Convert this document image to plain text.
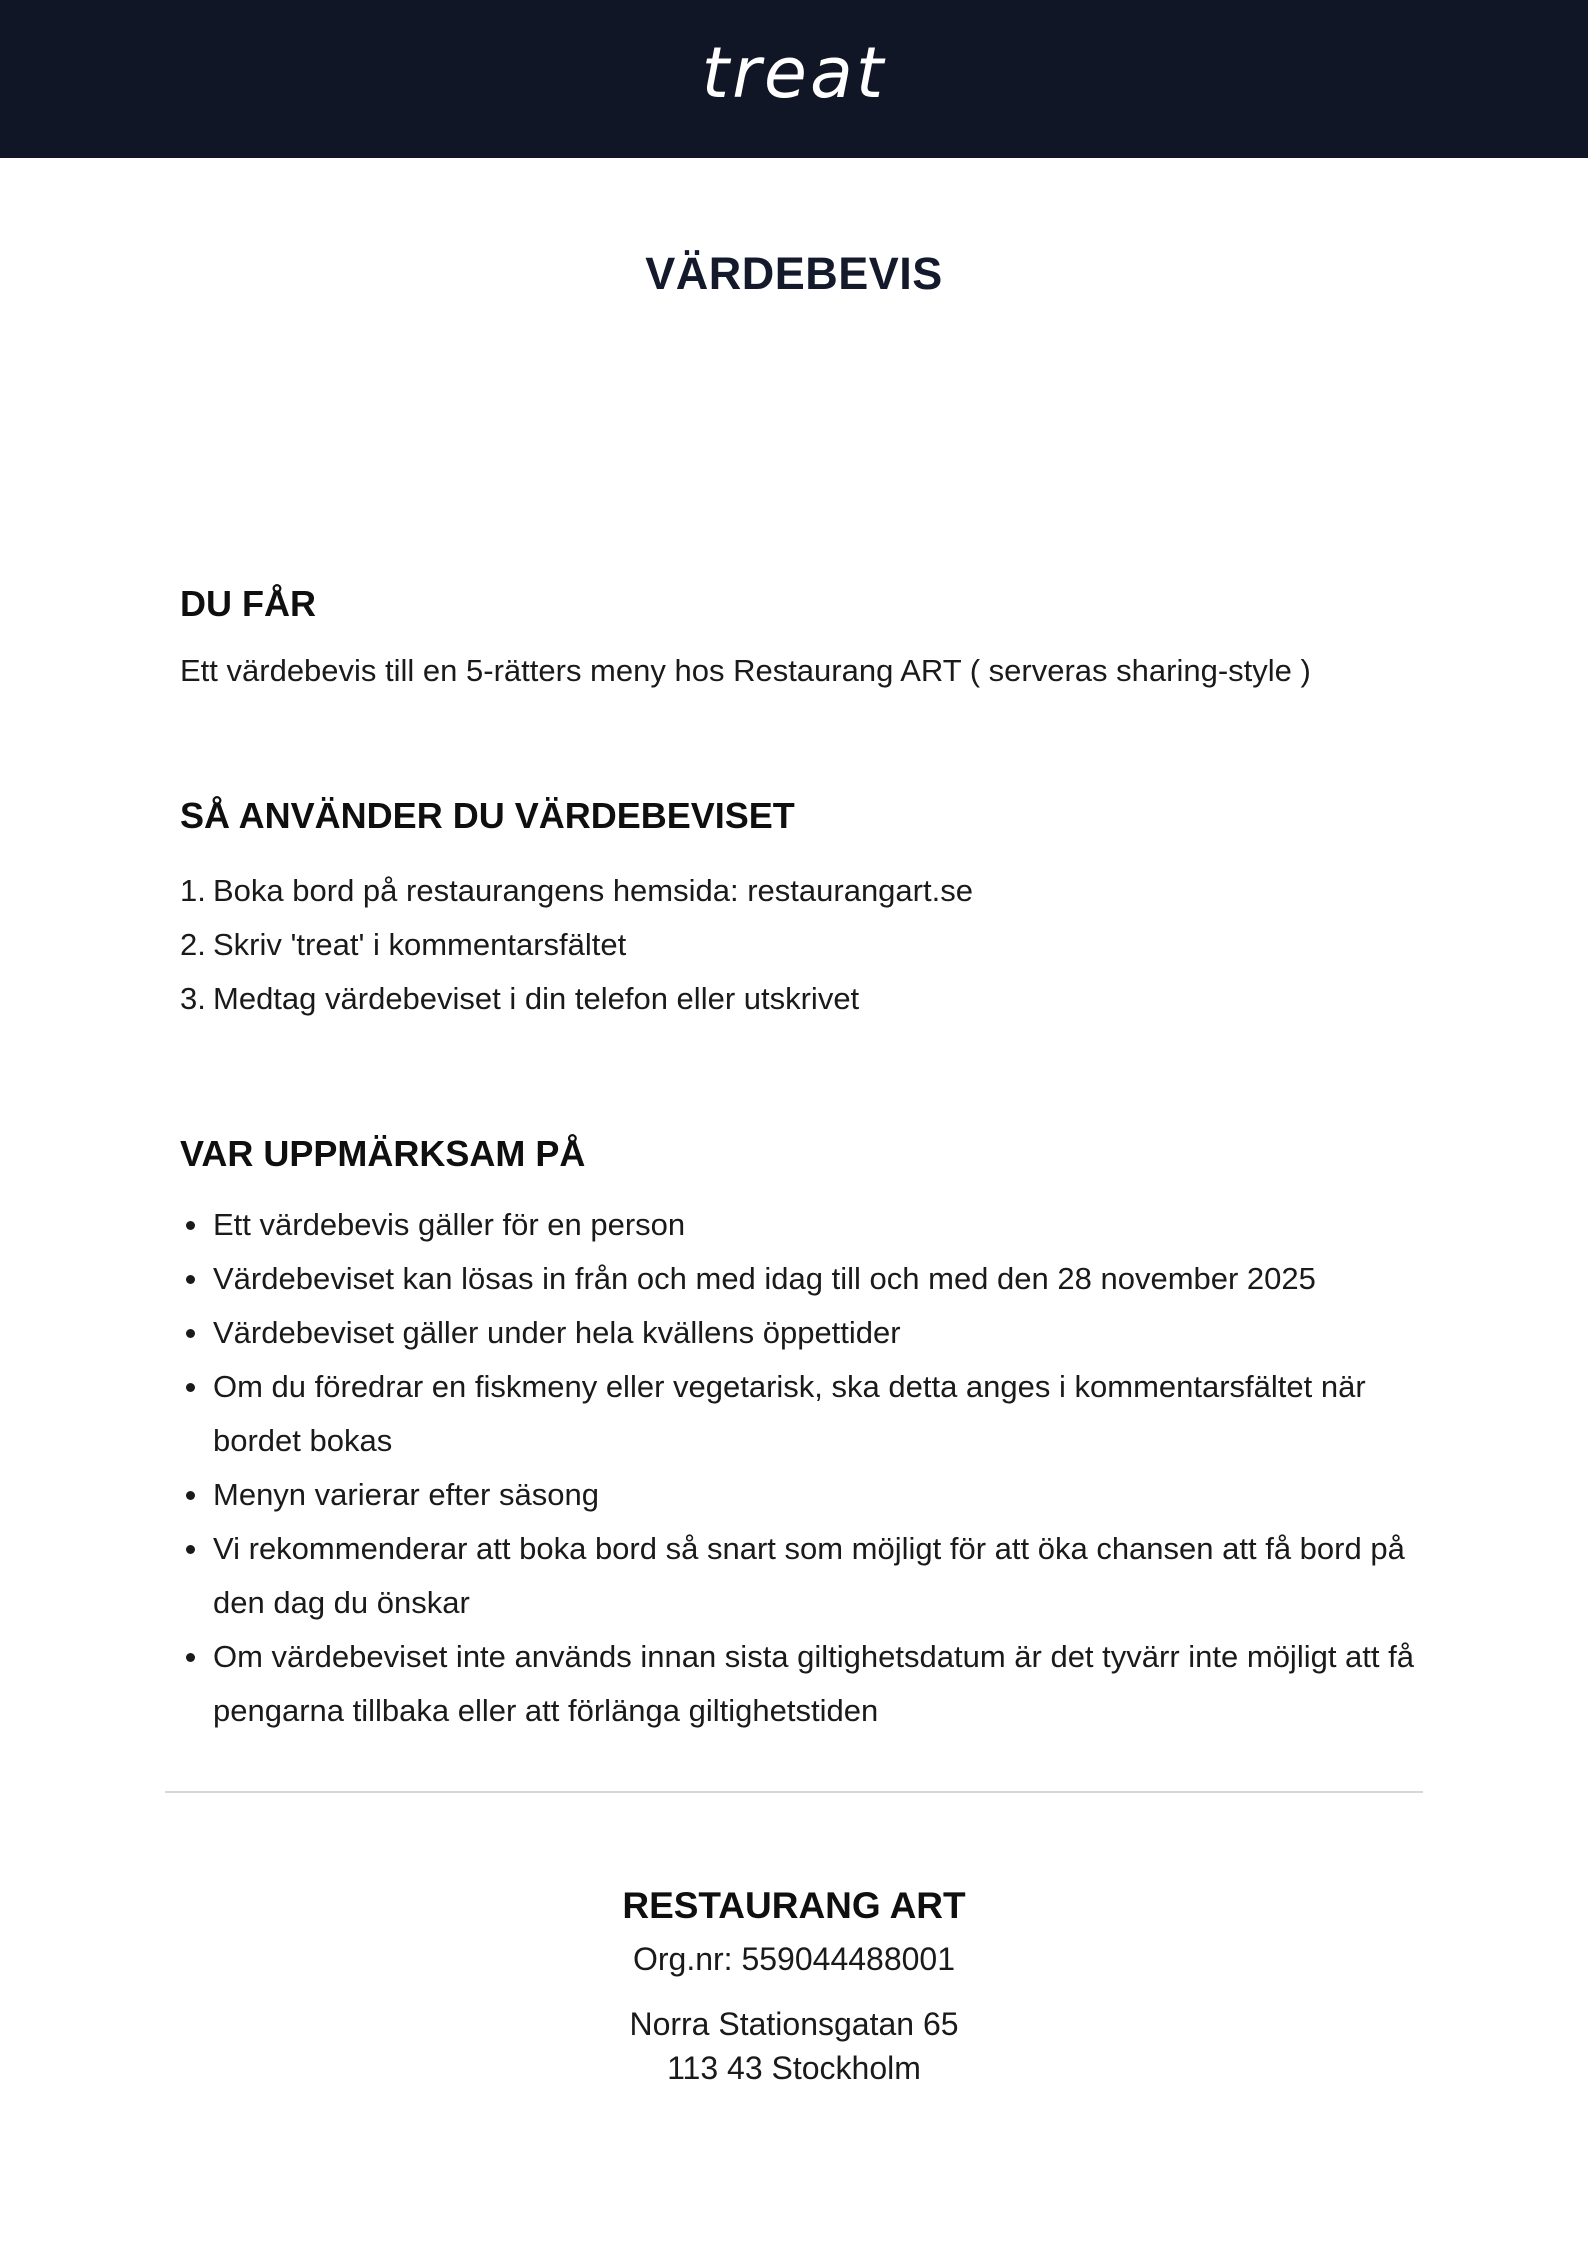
treat
VÄRDEBEVIS
DU FÅR

Ett värdebevis till en 5-rätters meny hos Restaurang ART ( serveras sharing-style )

SÅ ANVÄNDER DU VÄRDEBEVISET
1. Boka bord på restaurangens hemsida: restaurangart.se
2. Skriv 'treat' i kommentarsfältet
3. Medtag värdebeviset i din telefon eller utskrivet
VAR UPPMÄRKSAM PÅ
Ett värdebevis gäller för en person
Värdebeviset kan lösas in från och med idag till och med den 28 november 2025
Värdebeviset gäller under hela kvällens öppettider
Om du föredrar en fiskmeny eller vegetarisk, ska detta anges i kommentarsfältet när bordet bokas
Menyn varierar efter säsong
Vi rekommenderar att boka bord så snart som möjligt för att öka chansen att få bord på den dag du önskar
Om värdebeviset inte används innan sista giltighetsdatum är det tyvärr inte möjligt att få pengarna tillbaka eller att förlänga giltighetstiden
RESTAURANG ART
Org.nr: 559044488001
Norra Stationsgatan 65
113 43 Stockholm
